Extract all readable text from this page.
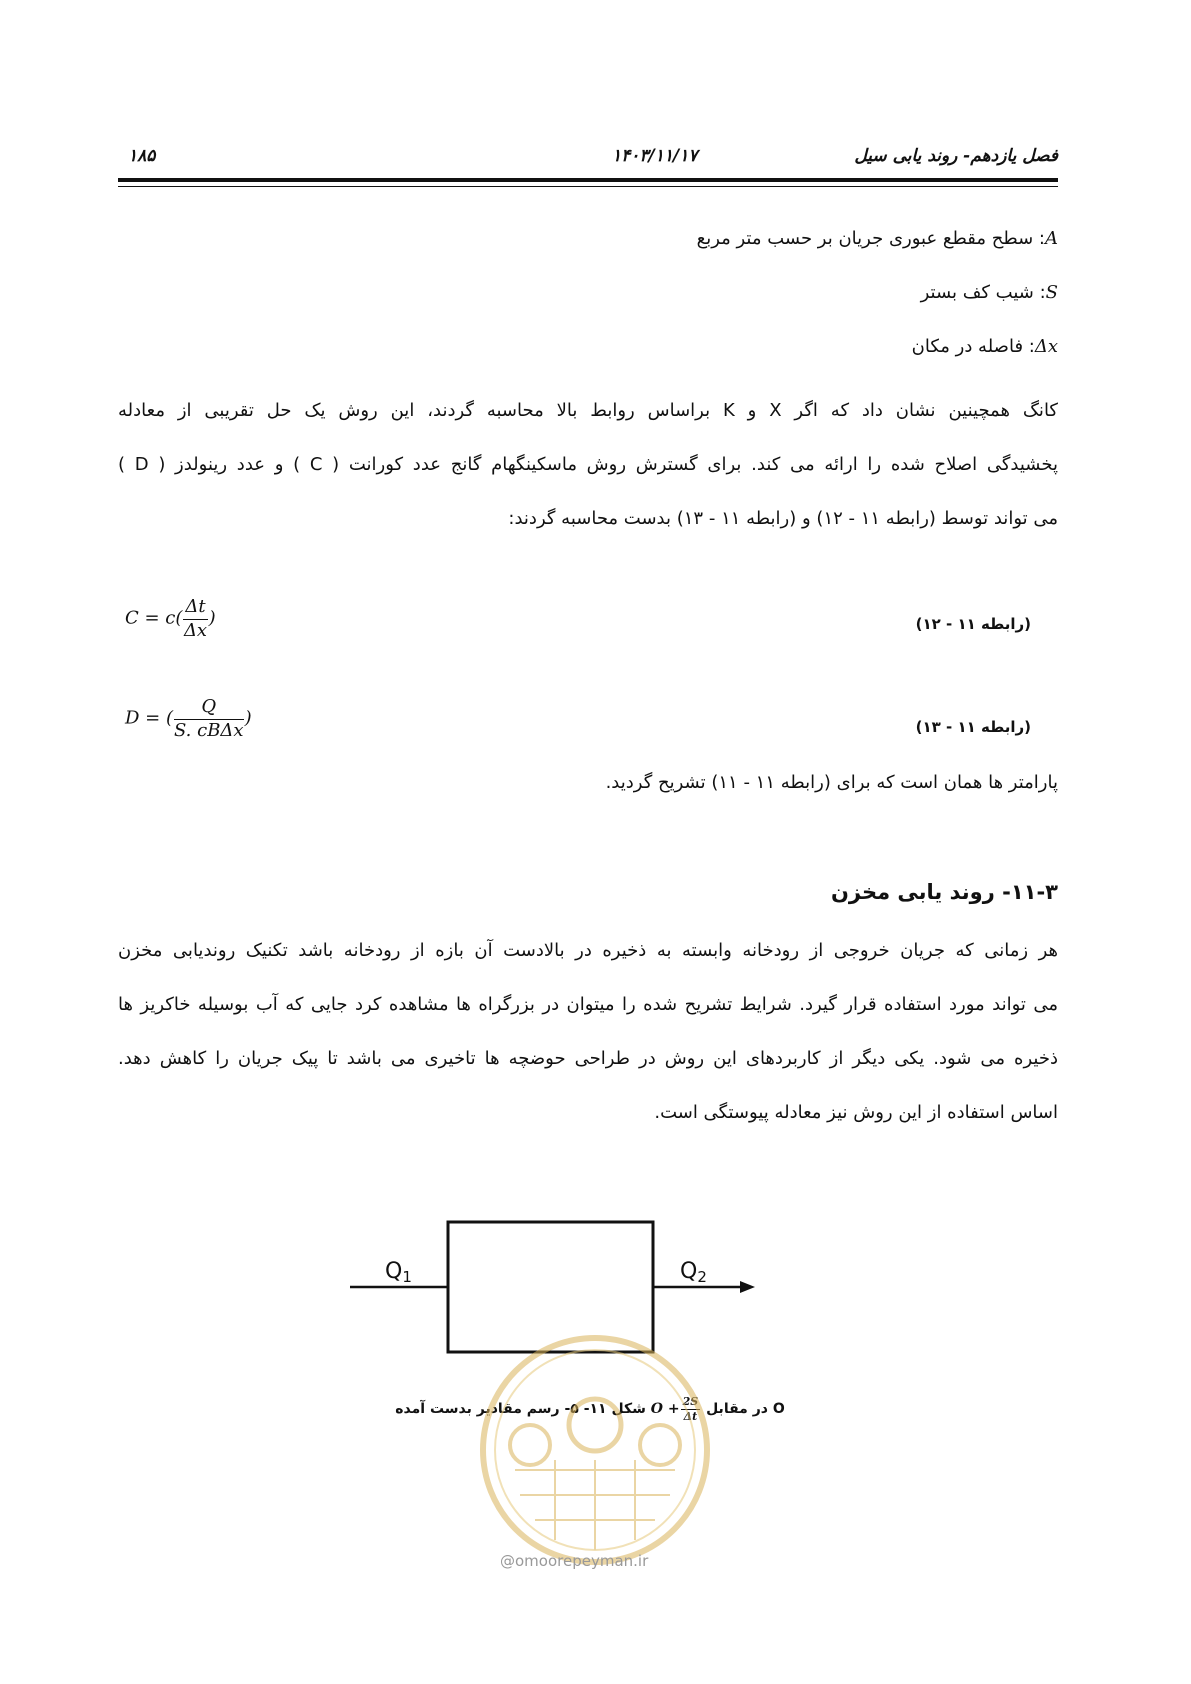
۱۸۵	۱۴۰۳/۱۱/۱۷	فصل یازدهم- روند یابی سیل
A: سطح مقطع عبوری جریان بر حسب متر مربع
S: شیب کف بستر
Δx: فاصله در مکان
کانگ همچینین نشان داد که اگر X و K براساس روابط بالا محاسبه گردند، این روش یک حل تقریبی از معادله
پخشیدگی اصلاح شده را ارائه می کند. برای گسترش روش ماسکینگهام گانج عدد کورانت ( C ) و عدد رینولدز ( D )
می تواند توسط (رابطه ۱۱ - ۱۲) و (رابطه ۱۱ - ۱۳) بدست محاسبه گردند:
$C = c( \frac{\Delta t}{\Delta x}$ )	(رابطه ۱۱ - ۱۲)
D = ( $\frac{Q}{\text{S. cBΔx}}$ )	(رابطه ۱۱ - ۱۳)
پارامتر ها همان است که برای (رابطه ۱۱ - ۱۱) تشریح گردید.
۱۱-۳- روند یابی مخزن
هر زمانی که جریان خروجی از رودخانه وابسته به ذخیره در بالادست آن بازه از رودخانه باشد تکنیک روندیابی مخزن
می تواند مورد استفاده قرار گیرد. شرایط تشریح شده را میتوان در بزرگراه ها مشاهده کرد جایی که آب بوسیله خاکریز ها
ذخیره می شود. یکی دیگر از کاربردهای این روش در طراحی حوضچه ها تاخیری می باشد تا پیک جریان را کاهش دهد.
اساس استفاده از این روش نیز معادله پیوستگی است.
Q1	Q2
O در مقابل $O + \frac{2S}{\Delta t}$
شکل ۱۱- ۵- رسم مقادیر بدست آمده
@omoorepeyman.ir
